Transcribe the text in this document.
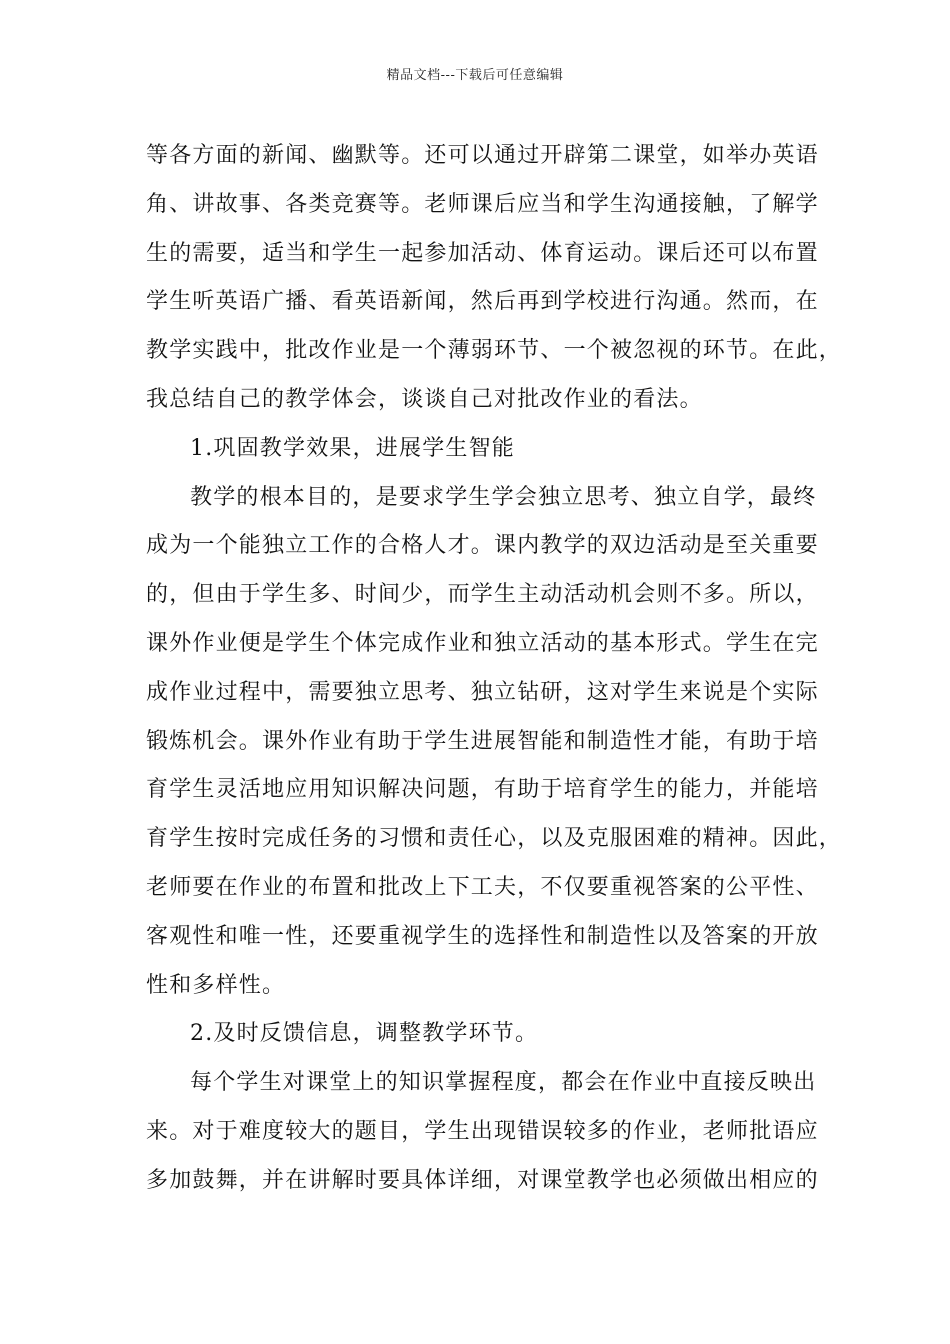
精品文档---下载后可任意编辑
等各方面的新闻、幽默等。还可以通过开辟第二课堂，如举办英语
角、讲故事、各类竞赛等。老师课后应当和学生沟通接触，了解学
生的需要，适当和学生一起参加活动、体育运动。课后还可以布置
学生听英语广播、看英语新闻，然后再到学校进行沟通。然而，在
教学实践中，批改作业是一个薄弱环节、一个被忽视的环节。在此，
我总结自己的教学体会，谈谈自己对批改作业的看法。
1.巩固教学效果，进展学生智能
教学的根本目的，是要求学生学会独立思考、独立自学，最终
成为一个能独立工作的合格人才。课内教学的双边活动是至关重要
的，但由于学生多、时间少，而学生主动活动机会则不多。所以，
课外作业便是学生个体完成作业和独立活动的基本形式。学生在完
成作业过程中，需要独立思考、独立钻研，这对学生来说是个实际
锻炼机会。课外作业有助于学生进展智能和制造性才能，有助于培
育学生灵活地应用知识解决问题，有助于培育学生的能力，并能培
育学生按时完成任务的习惯和责任心，以及克服困难的精神。因此，
老师要在作业的布置和批改上下工夫，不仅要重视答案的公平性、
客观性和唯一性，还要重视学生的选择性和制造性以及答案的开放
性和多样性。
2.及时反馈信息，调整教学环节。
每个学生对课堂上的知识掌握程度，都会在作业中直接反映出
来。对于难度较大的题目，学生出现错误较多的作业，老师批语应
多加鼓舞，并在讲解时要具体详细，对课堂教学也必须做出相应的
